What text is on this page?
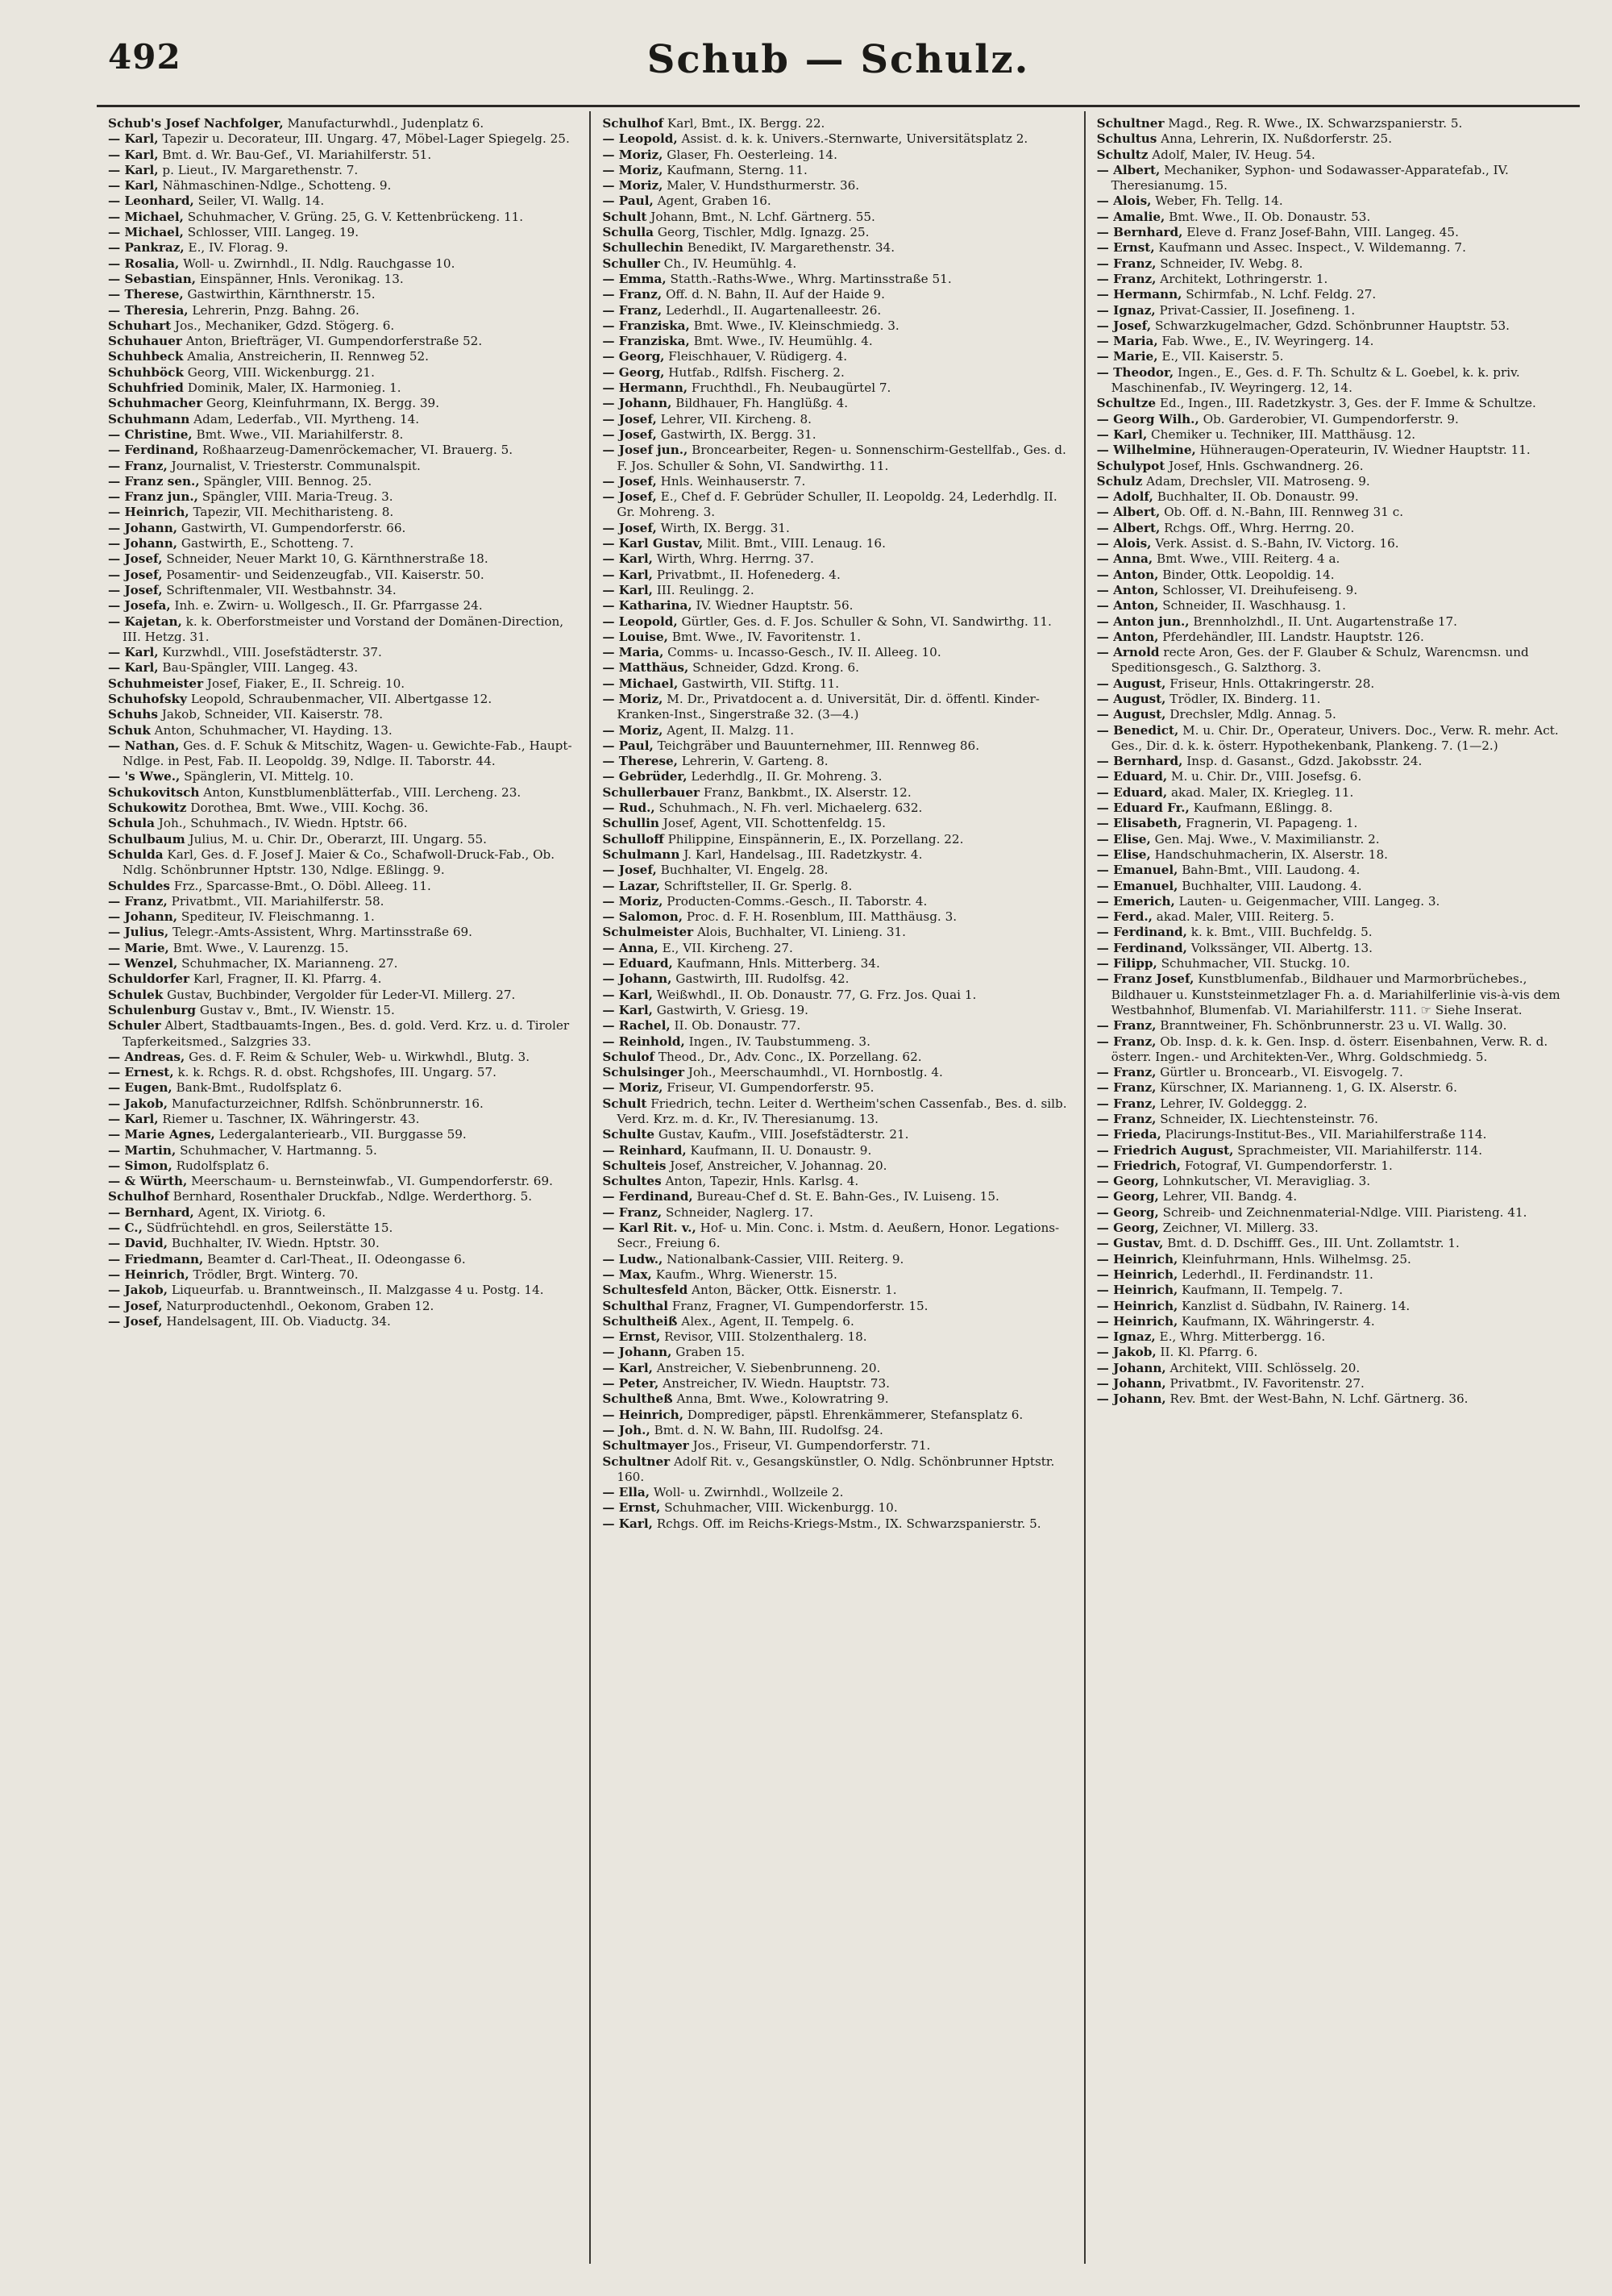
492	Schub — Schulz.

Schub's Josef Nachfolger, Manufacturwhdl., Judenplatz 6.

— Karl, Tapezir u. Decorateur, III. Ungarg. 47, Möbel-Lager Spiegelg. 25.

— Karl, Bmt. d. Wr. Bau-Gef., VI. Mariahilferstr. 51.

— Karl, p. Lieut., IV. Margarethenstr. 7.

— Karl, Nähmaschinen-Ndlge., Schotteng. 9.

— Leonhard, Seiler, VI. Wallg. 14.

— Michael, Schuhmacher, V. Grüng. 25, G. V. Kettenbrückeng. 11.

— Michael, Schlosser, VIII. Langeg. 19.

— Pankraz, E., IV. Florag. 9.

— Rosalia, Woll- u. Zwirnhdl., II. Ndlg. Rauchgasse 10.

— Sebastian, Einspänner, Hnls. Veronikag. 13.

— Therese, Gastwirthin, Kärnthnerstr. 15.

— Theresia, Lehrerin, Pnzg. Bahng. 26.

Schuhart Jos., Mechaniker, Gdzd. Stögerg. 6.

Schuhauer Anton, Briefträger, VI. Gumpendorferstraße 52.

Schuhbeck Amalia, Anstreicherin, II. Rennweg 52.

Schuhböck Georg, VIII. Wickenburgg. 21.

Schuhfried Dominik, Maler, IX. Harmonieg. 1.

Schuhmacher Georg, Kleinfuhrmann, IX. Bergg. 39.

Schuhmann Adam, Lederfab., VII. Myrtheng. 14.

— Christine, Bmt. Wwe., VII. Mariahilferstr. 8.

— Ferdinand, Roßhaarzeug-Damenröckemacher, VI. Brauerg. 5.

— Franz, Journalist, V. Triesterstr. Communalspit.

— Franz sen., Spängler, VIII. Bennog. 25.

— Franz jun., Spängler, VIII. Maria-Treug. 3.

— Heinrich, Tapezir, VII. Mechitharisteng. 8.

— Johann, Gastwirth, VI. Gumpendorferstr. 66.

— Johann, Gastwirth, E., Schotteng. 7.

— Josef, Schneider, Neuer Markt 10, G. Kärnthnerstraße 18.

— Josef, Posamentir- und Seidenzeugfab., VII. Kaiserstr. 50.

— Josef, Schriftenmaler, VII. Westbahnstr. 34.

— Josefa, Inh. e. Zwirn- u. Wollgesch., II. Gr. Pfarrgasse 24.

— Kajetan, k. k. Oberforstmeister und Vorstand der Domänen-Direction, III. Hetzg. 31.

— Karl, Kurzwhdl., VIII. Josefstädterstr. 37.

— Karl, Bau-Spängler, VIII. Langeg. 43.

Schuhmeister Josef, Fiaker, E., II. Schreig. 10.

Schuhofsky Leopold, Schraubenmacher, VII. Albertgasse 12.

Schuhs Jakob, Schneider, VII. Kaiserstr. 78.

Schuk Anton, Schuhmacher, VI. Hayding. 13.

— Nathan, Ges. d. F. Schuk & Mitschitz, Wagen- u. Gewichte-Fab., Haupt-Ndlge. in Pest, Fab. II. Leopoldg. 39, Ndlge. II. Taborstr. 44.

— 's Wwe., Spänglerin, VI. Mittelg. 10.

Schukovitsch Anton, Kunstblumenblätterfab., VIII. Lercheng. 23.

Schukowitz Dorothea, Bmt. Wwe., VIII. Kochg. 36.

Schula Joh., Schuhmach., IV. Wiedn. Hptstr. 66.

Schulbaum Julius, M. u. Chir. Dr., Oberarzt, III. Ungarg. 55.

Schulda Karl, Ges. d. F. Josef J. Maier & Co., Schafwoll-Druck-Fab., Ob. Ndlg. Schönbrunner Hptstr. 130, Ndlge. Eßlingg. 9.

Schuldes Frz., Sparcasse-Bmt., O. Döbl. Alleeg. 11.

— Franz, Privatbmt., VII. Mariahilferstr. 58.

— Johann, Spediteur, IV. Fleischmanng. 1.

— Julius, Telegr.-Amts-Assistent, Whrg. Martinsstraße 69.

— Marie, Bmt. Wwe., V. Laurenzg. 15.

— Wenzel, Schuhmacher, IX. Marianneng. 27.

Schuldorfer Karl, Fragner, II. Kl. Pfarrg. 4.

Schulek Gustav, Buchbinder, Vergolder für Leder-VI. Millerg. 27.

Schulenburg Gustav v., Bmt., IV. Wienstr. 15.

Schuler Albert, Stadtbauamts-Ingen., Bes. d. gold. Verd. Krz. u. d. Tiroler Tapferkeitsmed., Salzgries 33.

— Andreas, Ges. d. F. Reim & Schuler, Web- u. Wirkwhdl., Blutg. 3.

— Ernest, k. k. Rchgs. R. d. obst. Rchgshofes, III. Ungarg. 57.

— Eugen, Bank-Bmt., Rudolfsplatz 6.

— Jakob, Manufacturzeichner, Rdlfsh. Schönbrunnerstr. 16.

— Karl, Riemer u. Taschner, IX. Währingerstr. 43.

— Marie Agnes, Ledergalanteriearb., VII. Burggasse 59.

— Martin, Schuhmacher, V. Hartmanng. 5.

— Simon, Rudolfsplatz 6.

— & Würth, Meerschaum- u. Bernsteinwfab., VI. Gumpendorferstr. 69.

Schulhof Bernhard, Rosenthaler Druckfab., Ndlge. Werderthorg. 5.

— Bernhard, Agent, IX. Viriotg. 6.

— C., Südfrüchtehdl. en gros, Seilerstätte 15.

— David, Buchhalter, IV. Wiedn. Hptstr. 30.

— Friedmann, Beamter d. Carl-Theat., II. Odeongasse 6.

— Heinrich, Trödler, Brgt. Winterg. 70.

— Jakob, Liqueurfab. u. Branntweinsch., II. Malzgasse 4 u. Postg. 14.

— Josef, Naturproductenhdl., Oekonom, Graben 12.

— Josef, Handelsagent, III. Ob. Viaductg. 34.

Schulhof Karl, Bmt., IX. Bergg. 22.

— Leopold, Assist. d. k. k. Univers.-Sternwarte, Universitätsplatz 2.

— Moriz, Glaser, Fh. Oesterleing. 14.

— Moriz, Kaufmann, Sterng. 11.

— Moriz, Maler, V. Hundsthurmerstr. 36.

— Paul, Agent, Graben 16.

Schult Johann, Bmt., N. Lchf. Gärtnerg. 55.

Schulla Georg, Tischler, Mdlg. Ignazg. 25.

Schullechin Benedikt, IV. Margarethenstr. 34.

Schuller Ch., IV. Heumühlg. 4.

— Emma, Statth.-Raths-Wwe., Whrg. Martinsstraße 51.

— Franz, Off. d. N. Bahn, II. Auf der Haide 9.

— Franz, Lederhdl., II. Augartenalleestr. 26.

— Franziska, Bmt. Wwe., IV. Kleinschmiedg. 3.

— Franziska, Bmt. Wwe., IV. Heumühlg. 4.

— Georg, Fleischhauer, V. Rüdigerg. 4.

— Georg, Hutfab., Rdlfsh. Fischerg. 2.

— Hermann, Fruchthdl., Fh. Neubaugürtel 7.

— Johann, Bildhauer, Fh. Hanglüßg. 4.

— Josef, Lehrer, VII. Kircheng. 8.

— Josef, Gastwirth, IX. Bergg. 31.

— Josef jun., Broncearbeiter, Regen- u. Sonnenschirm-Gestellfab., Ges. d. F. Jos. Schuller & Sohn, VI. Sandwirthg. 11.

— Josef, Hnls. Weinhauserstr. 7.

— Josef, E., Chef d. F. Gebrüder Schuller, II. Leopoldg. 24, Lederhdlg. II. Gr. Mohreng. 3.

— Josef, Wirth, IX. Bergg. 31.

— Karl Gustav, Milit. Bmt., VIII. Lenaug. 16.

— Karl, Wirth, Whrg. Herrng. 37.

— Karl, Privatbmt., II. Hofenederg. 4.

— Karl, III. Reulingg. 2.

— Katharina, IV. Wiedner Hauptstr. 56.

— Leopold, Gürtler, Ges. d. F. Jos. Schuller & Sohn, VI. Sandwirthg. 11.

— Louise, Bmt. Wwe., IV. Favoritenstr. 1.

— Maria, Comms- u. Incasso-Gesch., IV. II. Alleeg. 10.

— Matthäus, Schneider, Gdzd. Krong. 6.

— Michael, Gastwirth, VII. Stiftg. 11.

— Moriz, M. Dr., Privatdocent a. d. Universität, Dir. d. öffentl. Kinder-Kranken-Inst., Singerstraße 32. (3—4.)

— Moriz, Agent, II. Malzg. 11.

— Paul, Teichgräber und Bauunternehmer, III. Rennweg 86.

— Therese, Lehrerin, V. Garteng. 8.

— Gebrüder, Lederhdlg., II. Gr. Mohreng. 3.

Schullerbauer Franz, Bankbmt., IX. Alserstr. 12.

— Rud., Schuhmach., N. Fh. verl. Michaelerg. 632.

Schullin Josef, Agent, VII. Schottenfeldg. 15.

Schulloff Philippine, Einspännerin, E., IX. Porzellang. 22.

Schulmann J. Karl, Handelsag., III. Radetzkystr. 4.

— Josef, Buchhalter, VI. Engelg. 28.

— Lazar, Schriftsteller, II. Gr. Sperlg. 8.

— Moriz, Producten-Comms.-Gesch., II. Taborstr. 4.

— Salomon, Proc. d. F. H. Rosenblum, III. Matthäusg. 3.

Schulmeister Alois, Buchhalter, VI. Linieng. 31.

— Anna, E., VII. Kircheng. 27.

— Eduard, Kaufmann, Hnls. Mitterberg. 34.

— Johann, Gastwirth, III. Rudolfsg. 42.

— Karl, Weißwhdl., II. Ob. Donaustr. 77, G. Frz. Jos. Quai 1.

— Karl, Gastwirth, V. Griesg. 19.

— Rachel, II. Ob. Donaustr. 77.

— Reinhold, Ingen., IV. Taubstummeng. 3.

Schulof Theod., Dr., Adv. Conc., IX. Porzellang. 62.

Schulsinger Joh., Meerschaumhdl., VI. Hornbostlg. 4.

— Moriz, Friseur, VI. Gumpendorferstr. 95.

Schult Friedrich, techn. Leiter d. Wertheim'schen Cassenfab., Bes. d. silb. Verd. Krz. m. d. Kr., IV. Theresianumg. 13.

Schulte Gustav, Kaufm., VIII. Josefstädterstr. 21.

— Reinhard, Kaufmann, II. U. Donaustr. 9.

Schulteis Josef, Anstreicher, V. Johannag. 20.

Schultes Anton, Tapezir, Hnls. Karlsg. 4.

— Ferdinand, Bureau-Chef d. St. E. Bahn-Ges., IV. Luiseng. 15.

— Franz, Schneider, Naglerg. 17.

— Karl Rit. v., Hof- u. Min. Conc. i. Mstm. d. Aeußern, Honor. Legations-Secr., Freiung 6.

— Ludw., Nationalbank-Cassier, VIII. Reiterg. 9.

— Max, Kaufm., Whrg. Wienerstr. 15.

Schultesfeld Anton, Bäcker, Ottk. Eisnerstr. 1.

Schulthal Franz, Fragner, VI. Gumpendorferstr. 15.

Schultheiß Alex., Agent, II. Tempelg. 6.

— Ernst, Revisor, VIII. Stolzenthalerg. 18.

— Johann, Graben 15.

— Karl, Anstreicher, V. Siebenbrunneng. 20.

— Peter, Anstreicher, IV. Wiedn. Hauptstr. 73.

Schultheß Anna, Bmt. Wwe., Kolowratring 9.

— Heinrich, Domprediger, päpstl. Ehrenkämmerer, Stefansplatz 6.

— Joh., Bmt. d. N. W. Bahn, III. Rudolfsg. 24.

Schultmayer Jos., Friseur, VI. Gumpendorferstr. 71.

Schultner Adolf Rit. v., Gesangskünstler, O. Ndlg. Schönbrunner Hptstr. 160.

— Ella, Woll- u. Zwirnhdl., Wollzeile 2.

— Ernst, Schuhmacher, VIII. Wickenburgg. 10.

— Karl, Rchgs. Off. im Reichs-Kriegs-Mstm., IX. Schwarzspanierstr. 5.

Schultner Magd., Reg. R. Wwe., IX. Schwarzspanierstr. 5.

Schultus Anna, Lehrerin, IX. Nußdorferstr. 25.

Schultz Adolf, Maler, IV. Heug. 54.

— Albert, Mechaniker, Syphon- und Sodawasser-Apparatefab., IV. Theresianumg. 15.

— Alois, Weber, Fh. Tellg. 14.

— Amalie, Bmt. Wwe., II. Ob. Donaustr. 53.

— Bernhard, Eleve d. Franz Josef-Bahn, VIII. Langeg. 45.

— Ernst, Kaufmann und Assec. Inspect., V. Wildemanng. 7.

— Franz, Schneider, IV. Webg. 8.

— Franz, Architekt, Lothringerstr. 1.

— Hermann, Schirmfab., N. Lchf. Feldg. 27.

— Ignaz, Privat-Cassier, II. Josefineng. 1.

— Josef, Schwarzkugelmacher, Gdzd. Schönbrunner Hauptstr. 53.

— Maria, Fab. Wwe., E., IV. Weyringerg. 14.

— Marie, E., VII. Kaiserstr. 5.

— Theodor, Ingen., E., Ges. d. F. Th. Schultz & L. Goebel, k. k. priv. Maschinenfab., IV. Weyringerg. 12, 14.

Schultze Ed., Ingen., III. Radetzkystr. 3, Ges. der F. Imme & Schultze.

— Georg Wilh., Ob. Garderobier, VI. Gumpendorferstr. 9.

— Karl, Chemiker u. Techniker, III. Matthäusg. 12.

— Wilhelmine, Hühneraugen-Operateurin, IV. Wiedner Hauptstr. 11.

Schulypot Josef, Hnls. Gschwandnerg. 26.

Schulz Adam, Drechsler, VII. Matroseng. 9.

— Adolf, Buchhalter, II. Ob. Donaustr. 99.

— Albert, Ob. Off. d. N.-Bahn, III. Rennweg 31 c.

— Albert, Rchgs. Off., Whrg. Herrng. 20.

— Alois, Verk. Assist. d. S.-Bahn, IV. Victorg. 16.

— Anna, Bmt. Wwe., VIII. Reiterg. 4 a.

— Anton, Binder, Ottk. Leopoldig. 14.

— Anton, Schlosser, VI. Dreihufeiseng. 9.

— Anton, Schneider, II. Waschhausg. 1.

— Anton jun., Brennholzhdl., II. Unt. Augartenstraße 17.

— Anton, Pferdehändler, III. Landstr. Hauptstr. 126.

— Arnold recte Aron, Ges. der F. Glauber & Schulz, Warencmsn. und Speditionsgesch., G. Salzthorg. 3.

— August, Friseur, Hnls. Ottakringerstr. 28.

— August, Trödler, IX. Binderg. 11.

— August, Drechsler, Mdlg. Annag. 5.

— Benedict, M. u. Chir. Dr., Operateur, Univers. Doc., Verw. R. mehr. Act. Ges., Dir. d. k. k. österr. Hypothekenbank, Plankeng. 7. (1—2.)

— Bernhard, Insp. d. Gasanst., Gdzd. Jakobsstr. 24.

— Eduard, M. u. Chir. Dr., VIII. Josefsg. 6.

— Eduard, akad. Maler, IX. Kriegleg. 11.

— Eduard Fr., Kaufmann, Eßlingg. 8.

— Elisabeth, Fragnerin, VI. Papageng. 1.

— Elise, Gen. Maj. Wwe., V. Maximilianstr. 2.

— Elise, Handschuhmacherin, IX. Alserstr. 18.

— Emanuel, Bahn-Bmt., VIII. Laudong. 4.

— Emanuel, Buchhalter, VIII. Laudong. 4.

— Emerich, Lauten- u. Geigenmacher, VIII. Langeg. 3.

— Ferd., akad. Maler, VIII. Reiterg. 5.

— Ferdinand, k. k. Bmt., VIII. Buchfeldg. 5.

— Ferdinand, Volkssänger, VII. Albertg. 13.

— Filipp, Schuhmacher, VII. Stuckg. 10.

— Franz Josef, Kunstblumenfab., Bildhauer und Marmorbrüchebes., Bildhauer u. Kunststeinmetzlager Fh. a. d. Mariahilferlinie vis-à-vis dem Westbahnhof, Blumenfab. VI. Mariahilferstr. 111. ☞ Siehe Inserat.

— Franz, Branntweiner, Fh. Schönbrunnerstr. 23 u. VI. Wallg. 30.

— Franz, Ob. Insp. d. k. k. Gen. Insp. d. österr. Eisenbahnen, Verw. R. d. österr. Ingen.- und Architekten-Ver., Whrg. Goldschmiedg. 5.

— Franz, Gürtler u. Broncearb., VI. Eisvogelg. 7.

— Franz, Kürschner, IX. Marianneng. 1, G. IX. Alserstr. 6.

— Franz, Lehrer, IV. Goldeggg. 2.

— Franz, Schneider, IX. Liechtensteinstr. 76.

— Frieda, Placirungs-Institut-Bes., VII. Mariahilferstraße 114.

— Friedrich August, Sprachmeister, VII. Mariahilferstr. 114.

— Friedrich, Fotograf, VI. Gumpendorferstr. 1.

— Georg, Lohnkutscher, VI. Meravigliag. 3.

— Georg, Lehrer, VII. Bandg. 4.

— Georg, Schreib- und Zeichnenmaterial-Ndlge. VIII. Piaristeng. 41.

— Georg, Zeichner, VI. Millerg. 33.

— Gustav, Bmt. d. D. Dschifff. Ges., III. Unt. Zollamtstr. 1.

— Heinrich, Kleinfuhrmann, Hnls. Wilhelmsg. 25.

— Heinrich, Lederhdl., II. Ferdinandstr. 11.

— Heinrich, Kaufmann, II. Tempelg. 7.

— Heinrich, Kanzlist d. Südbahn, IV. Rainerg. 14.

— Heinrich, Kaufmann, IX. Währingerstr. 4.

— Ignaz, E., Whrg. Mitterbergg. 16.

— Jakob, II. Kl. Pfarrg. 6.

— Johann, Architekt, VIII. Schlösselg. 20.

— Johann, Privatbmt., IV. Favoritenstr. 27.

— Johann, Rev. Bmt. der West-Bahn, N. Lchf. Gärtnerg. 36.
